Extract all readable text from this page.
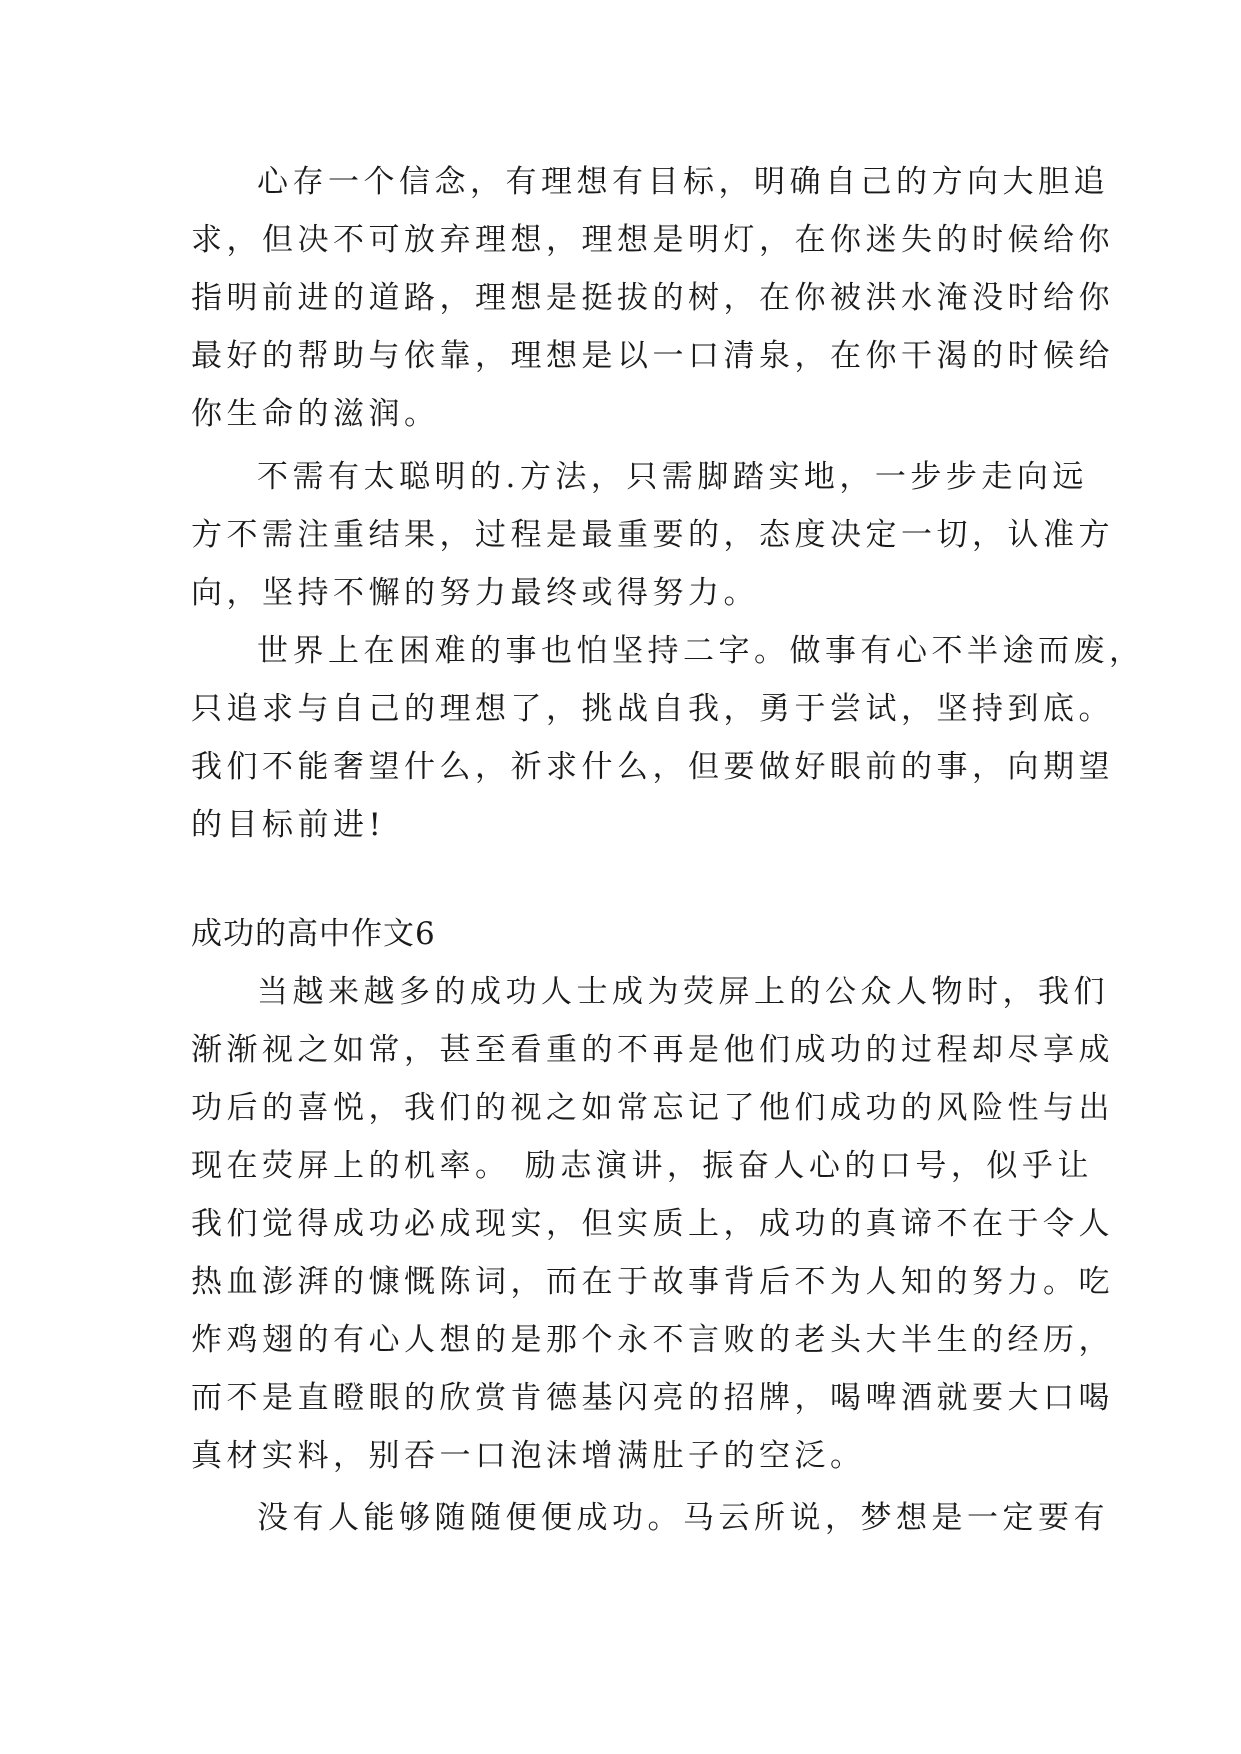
心存一个信念，有理想有目标，明确自己的方向大胆追
求，但决不可放弃理想，理想是明灯，在你迷失的时候给你
指明前进的道路，理想是挺拔的树，在你被洪水淹没时给你
最好的帮助与依靠，理想是以一口清泉，在你干渴的时候给
你生命的滋润。
不需有太聪明的.方法，只需脚踏实地，一步步走向远
方不需注重结果，过程是最重要的，态度决定一切，认准方
向，坚持不懈的努力最终或得努力。
世界上在困难的事也怕坚持二字。做事有心不半途而废，
只追求与自己的理想了，挑战自我，勇于尝试，坚持到底。
我们不能奢望什么，祈求什么，但要做好眼前的事，向期望
的目标前进!
成功的高中作文6
当越来越多的成功人士成为荧屏上的公众人物时，我们
渐渐视之如常，甚至看重的不再是他们成功的过程却尽享成
功后的喜悦，我们的视之如常忘记了他们成功的风险性与出
现在荧屏上的机率。 励志演讲，振奋人心的口号，似乎让
我们觉得成功必成现实，但实质上，成功的真谛不在于令人
热血澎湃的慷慨陈词，而在于故事背后不为人知的努力。吃
炸鸡翅的有心人想的是那个永不言败的老头大半生的经历，
而不是直瞪眼的欣赏肯德基闪亮的招牌，喝啤酒就要大口喝
真材实料，别吞一口泡沫增满肚子的空泛。
没有人能够随随便便成功。马云所说，梦想是一定要有
